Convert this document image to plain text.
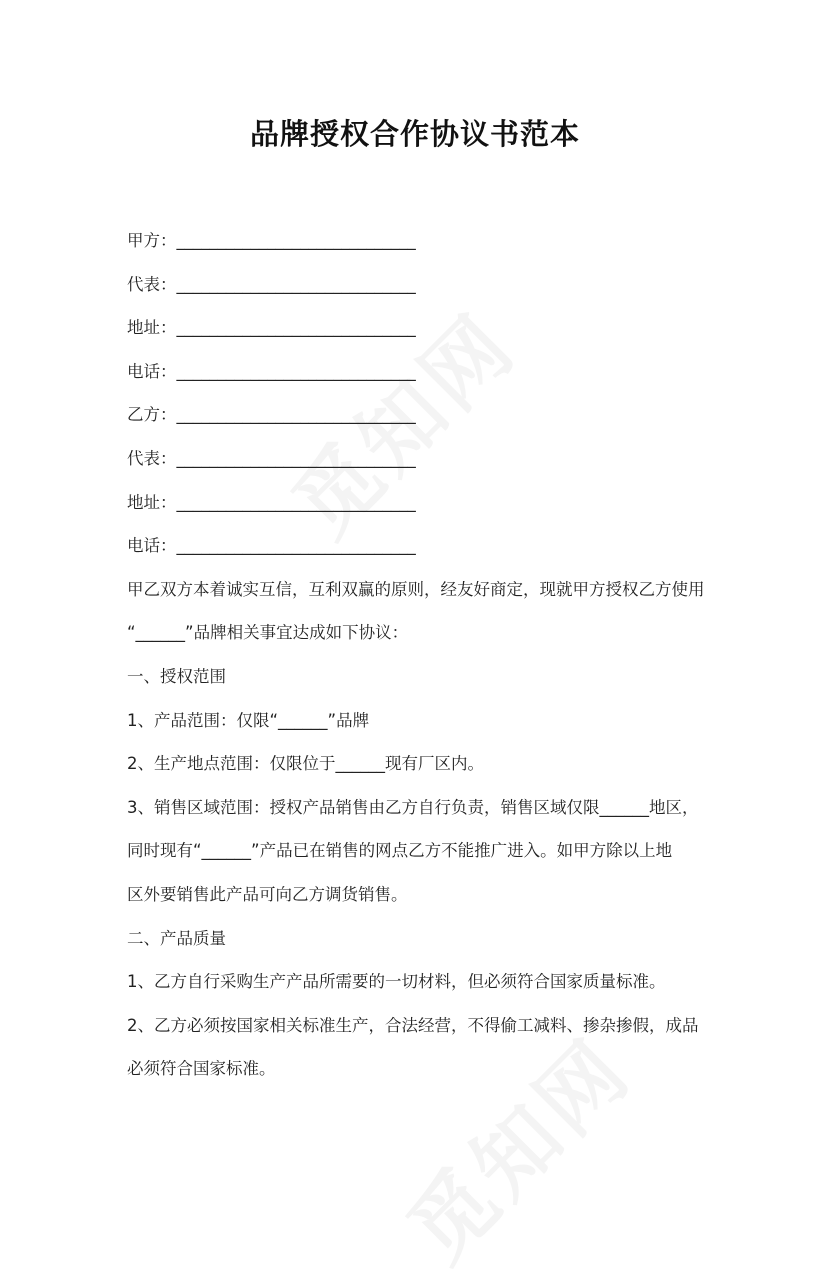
品牌授权合作协议书范本

甲方：_____________________________

代表：_____________________________

地址：_____________________________

电话：_____________________________

乙方：_____________________________

代表：_____________________________

地址：_____________________________

电话：_____________________________

甲乙双方本着诚实互信，互利双赢的原则，经友好商定，现就甲方授权乙方使用

“______”品牌相关事宜达成如下协议：

一、授权范围

1、产品范围：仅限“______”品牌

2、生产地点范围：仅限位于______现有厂区内。

3、销售区域范围：授权产品销售由乙方自行负责，销售区域仅限______地区，

同时现有“______”产品已在销售的网点乙方不能推广进入。如甲方除以上地

区外要销售此产品可向乙方调货销售。

二、产品质量

1、乙方自行采购生产产品所需要的一切材料，但必须符合国家质量标准。

2、乙方必须按国家相关标准生产，合法经营，不得偷工减料、掺杂掺假，成品

必须符合国家标准。
